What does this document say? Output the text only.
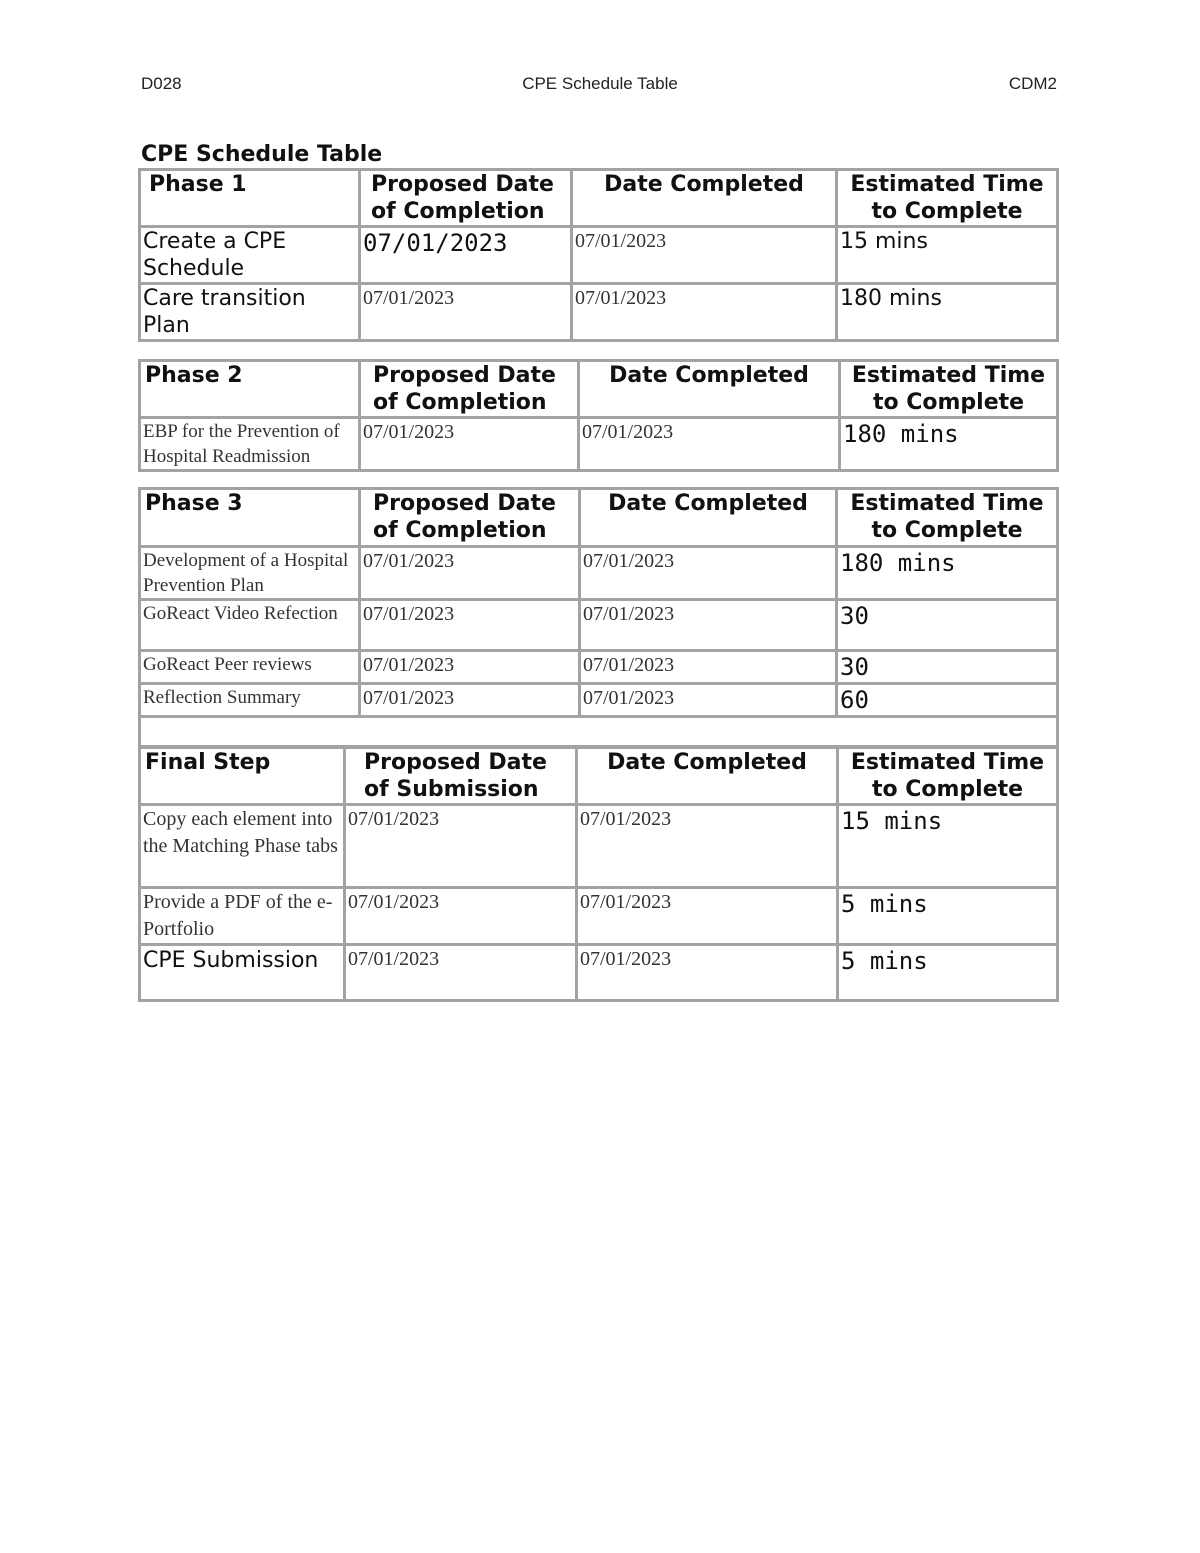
D028	CPE Schedule Table	CDM2
CPE Schedule Table
Phase 1	Proposed Date of Completion	Date Completed	Estimated Time to Complete
Create a CPE Schedule	07/01/2023	07/01/2023	15 mins
Care transition Plan	07/01/2023	07/01/2023	180 mins
Phase 2	Proposed Date of Completion	Date Completed	Estimated Time to Complete
EBP for the Prevention of Hospital Readmission	07/01/2023	07/01/2023	180 mins
Phase 3	Proposed Date of Completion	Date Completed	Estimated Time to Complete
Development of a Hospital Prevention Plan	07/01/2023	07/01/2023	180 mins
GoReact Video Refection	07/01/2023	07/01/2023	30
GoReact Peer reviews	07/01/2023	07/01/2023	30
Reflection Summary	07/01/2023	07/01/2023	60

Final Step	Proposed Date of Submission	Date Completed	Estimated Time to Complete
Copy each element into the Matching Phase tabs	07/01/2023	07/01/2023	15 mins
Provide a PDF of the e-Portfolio	07/01/2023	07/01/2023	5 mins
CPE Submission	07/01/2023	07/01/2023	5 mins
